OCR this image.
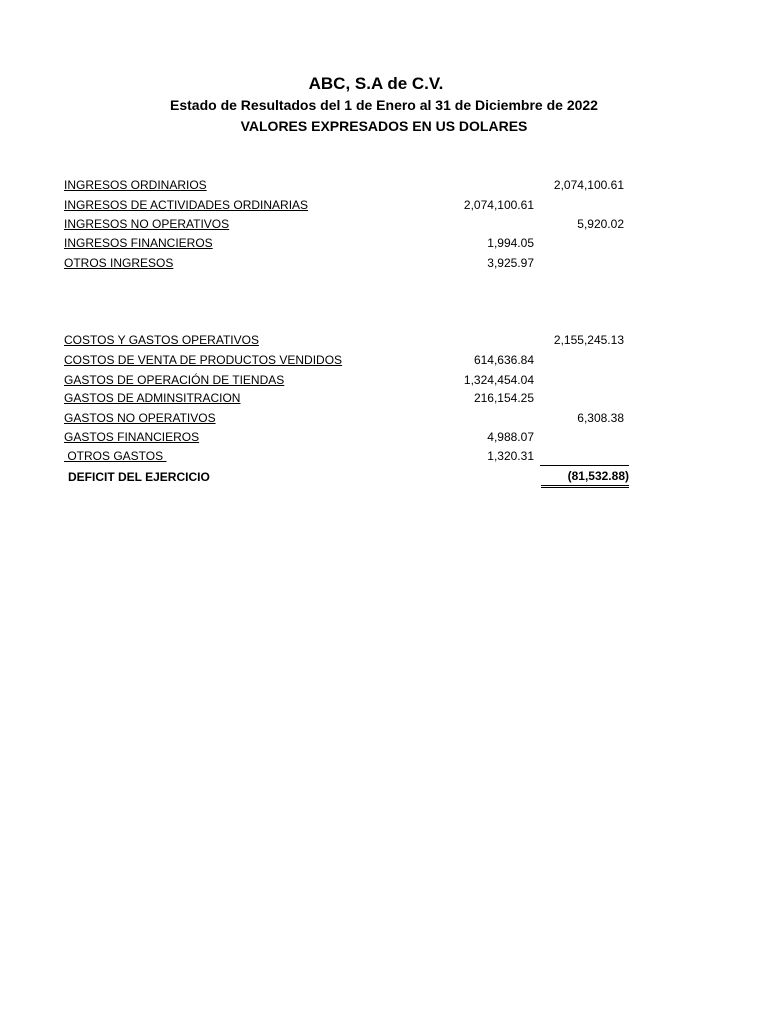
ABC, S.A de C.V.
Estado de Resultados del 1 de Enero al 31 de Diciembre de 2022
VALORES EXPRESADOS EN US DOLARES
INGRESOS ORDINARIOS	2,074,100.61
INGRESOS DE ACTIVIDADES ORDINARIAS	2,074,100.61
INGRESOS NO OPERATIVOS	5,920.02
INGRESOS FINANCIEROS	1,994.05
OTROS INGRESOS	3,925.97
COSTOS Y GASTOS OPERATIVOS	2,155,245.13
COSTOS DE VENTA DE PRODUCTOS VENDIDOS	614,636.84
GASTOS DE OPERACIÓN DE TIENDAS	1,324,454.04
GASTOS DE ADMINSITRACION	216,154.25
GASTOS NO OPERATIVOS	6,308.38
GASTOS FINANCIEROS	4,988.07
OTROS GASTOS	1,320.31
DEFICIT DEL EJERCICIO	(81,532.88)
